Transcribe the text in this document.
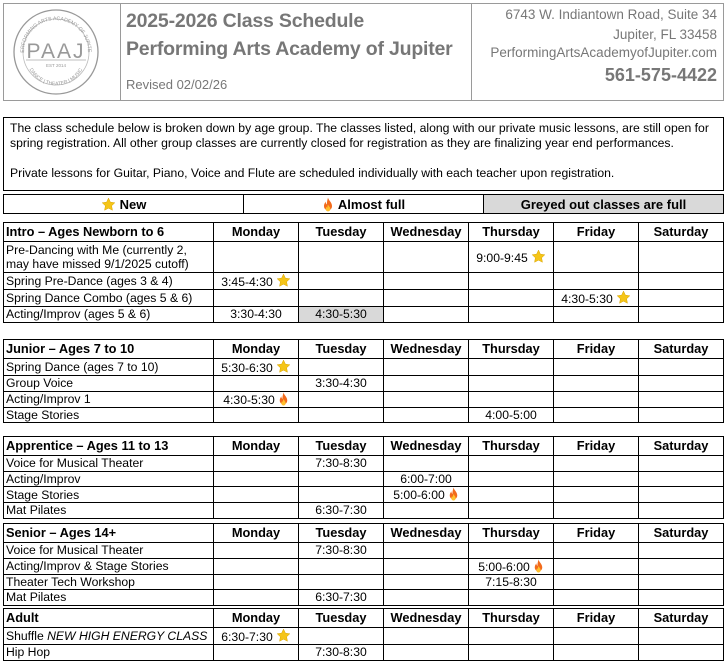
ERFORMING ARTS ACADEMY OF JUPITE
PAAJ
EST 2014
DANCE | THEATER | MUSIC
2025-2026 Class Schedule
Performing Arts Academy of Jupiter
Revised 02/02/26
6743 W. Indiantown Road, Suite 34
Jupiter, FL 33458
PerformingArtsAcademyofJupiter.com
561-575-4422

The class schedule below is broken down by age group. The classes listed, along with our private music lessons, are still open for spring registration. All other group classes are currently closed for registration as they are finalizing year end performances.

Private lessons for Guitar, Piano, Voice and Flute are scheduled individually with each teacher upon registration.

New	Almost full	Greyed out classes are full
Intro – Ages Newborn to 6	Monday	Tuesday	Wednesday	Thursday	Friday	Saturday
Pre-Dancing with Me (currently 2, may have missed 9/1/2025 cutoff)				9:00-9:45		
Spring Pre-Dance (ages 3 & 4)	3:45-4:30					
Spring Dance Combo (ages 5 & 6)					4:30-5:30	
Acting/Improv (ages 5 & 6)	3:30-4:30	4:30-5:30				
Junior – Ages 7 to 10	Monday	Tuesday	Wednesday	Thursday	Friday	Saturday
Spring Dance (ages 7 to 10)	5:30-6:30					
Group Voice		3:30-4:30				
Acting/Improv 1	4:30-5:30					
Stage Stories				4:00-5:00		
Apprentice – Ages 11 to 13	Monday	Tuesday	Wednesday	Thursday	Friday	Saturday
Voice for Musical Theater		7:30-8:30				
Acting/Improv			6:00-7:00			
Stage Stories			5:00-6:00			
Mat Pilates		6:30-7:30				
Senior – Ages 14+	Monday	Tuesday	Wednesday	Thursday	Friday	Saturday
Voice for Musical Theater		7:30-8:30				
Acting/Improv & Stage Stories				5:00-6:00		
Theater Tech Workshop				7:15-8:30		
Mat Pilates		6:30-7:30				
Adult	Monday	Tuesday	Wednesday	Thursday	Friday	Saturday
Shuffle NEW HIGH ENERGY CLASS	6:30-7:30					
Hip Hop		7:30-8:30				
